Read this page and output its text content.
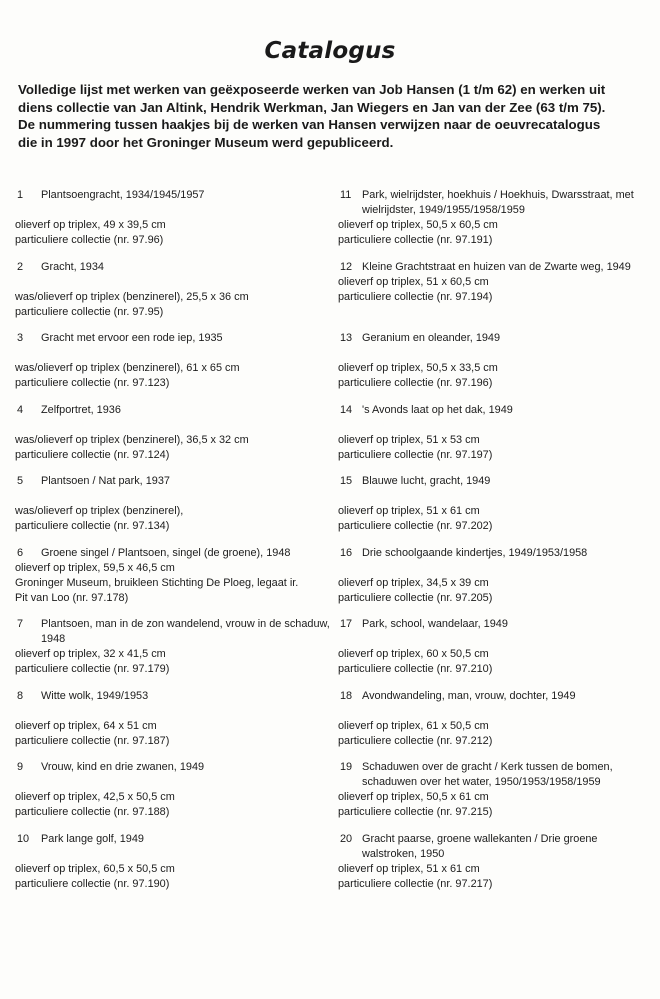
Catalogus
Volledige lijst met werken van geëxposeerde werken van Job Hansen (1 t/m 62) en werken uit diens collectie van Jan Altink, Hendrik Werkman, Jan Wiegers en Jan van der Zee (63 t/m 75). De nummering tussen haakjes bij de werken van Hansen verwijzen naar de oeuvrecatalogus die in 1997 door het Groninger Museum werd gepubliceerd.
1 Plantsoengracht, 1934/1945/1957
olieverf op triplex, 49 x 39,5 cm
particuliere collectie (nr. 97.96)
2 Gracht, 1934
was/olieverf op triplex (benzinerel), 25,5 x 36 cm
particuliere collectie (nr. 97.95)
3 Gracht met ervoor een rode iep, 1935
was/olieverf op triplex (benzinerel), 61 x 65 cm
particuliere collectie (nr. 97.123)
4 Zelfportret, 1936
was/olieverf op triplex (benzinerel), 36,5 x 32 cm
particuliere collectie (nr. 97.124)
5 Plantsoen / Nat park, 1937
was/olieverf op triplex (benzinerel),
particuliere collectie (nr. 97.134)
6 Groene singel / Plantsoen, singel (de groene), 1948
olieverf op triplex, 59,5 x 46,5 cm
Groninger Museum, bruikleen Stichting De Ploeg, legaat ir.
Pit van Loo (nr. 97.178)
7 Plantsoen, man in de zon wandelend, vrouw in de schaduw, 1948
olieverf op triplex, 32 x 41,5 cm
particuliere collectie (nr. 97.179)
8 Witte wolk, 1949/1953
olieverf op triplex, 64 x 51 cm
particuliere collectie (nr. 97.187)
9 Vrouw, kind en drie zwanen, 1949
olieverf op triplex, 42,5 x 50,5 cm
particuliere collectie (nr. 97.188)
10 Park lange golf, 1949
olieverf op triplex, 60,5 x 50,5 cm
particuliere collectie (nr. 97.190)
11 Park, wielrijdster, hoekhuis / Hoekhuis, Dwarsstraat, met wielrijdster, 1949/1955/1958/1959
olieverf op triplex, 50,5 x 60,5 cm
particuliere collectie (nr. 97.191)
12 Kleine Grachtstraat en huizen van de Zwarte weg, 1949
olieverf op triplex, 51 x 60,5 cm
particuliere collectie (nr. 97.194)
13 Geranium en oleander, 1949
olieverf op triplex, 50,5 x 33,5 cm
particuliere collectie (nr. 97.196)
14 's Avonds laat op het dak, 1949
olieverf op triplex, 51 x 53 cm
particuliere collectie (nr. 97.197)
15 Blauwe lucht, gracht, 1949
olieverf op triplex, 51 x 61 cm
particuliere collectie (nr. 97.202)
16 Drie schoolgaande kindertjes, 1949/1953/1958
olieverf op triplex, 34,5 x 39 cm
particuliere collectie (nr. 97.205)
17 Park, school, wandelaar, 1949
olieverf op triplex, 60 x 50,5 cm
particuliere collectie (nr. 97.210)
18 Avondwandeling, man, vrouw, dochter, 1949
olieverf op triplex, 61 x 50,5 cm
particuliere collectie (nr. 97.212)
19 Schaduwen over de gracht / Kerk tussen de bomen, schaduwen over het water, 1950/1953/1958/1959
olieverf op triplex, 50,5 x 61 cm
particuliere collectie (nr. 97.215)
20 Gracht paarse, groene wallekanten / Drie groene walstroken, 1950
olieverf op triplex, 51 x 61 cm
particuliere collectie (nr. 97.217)
